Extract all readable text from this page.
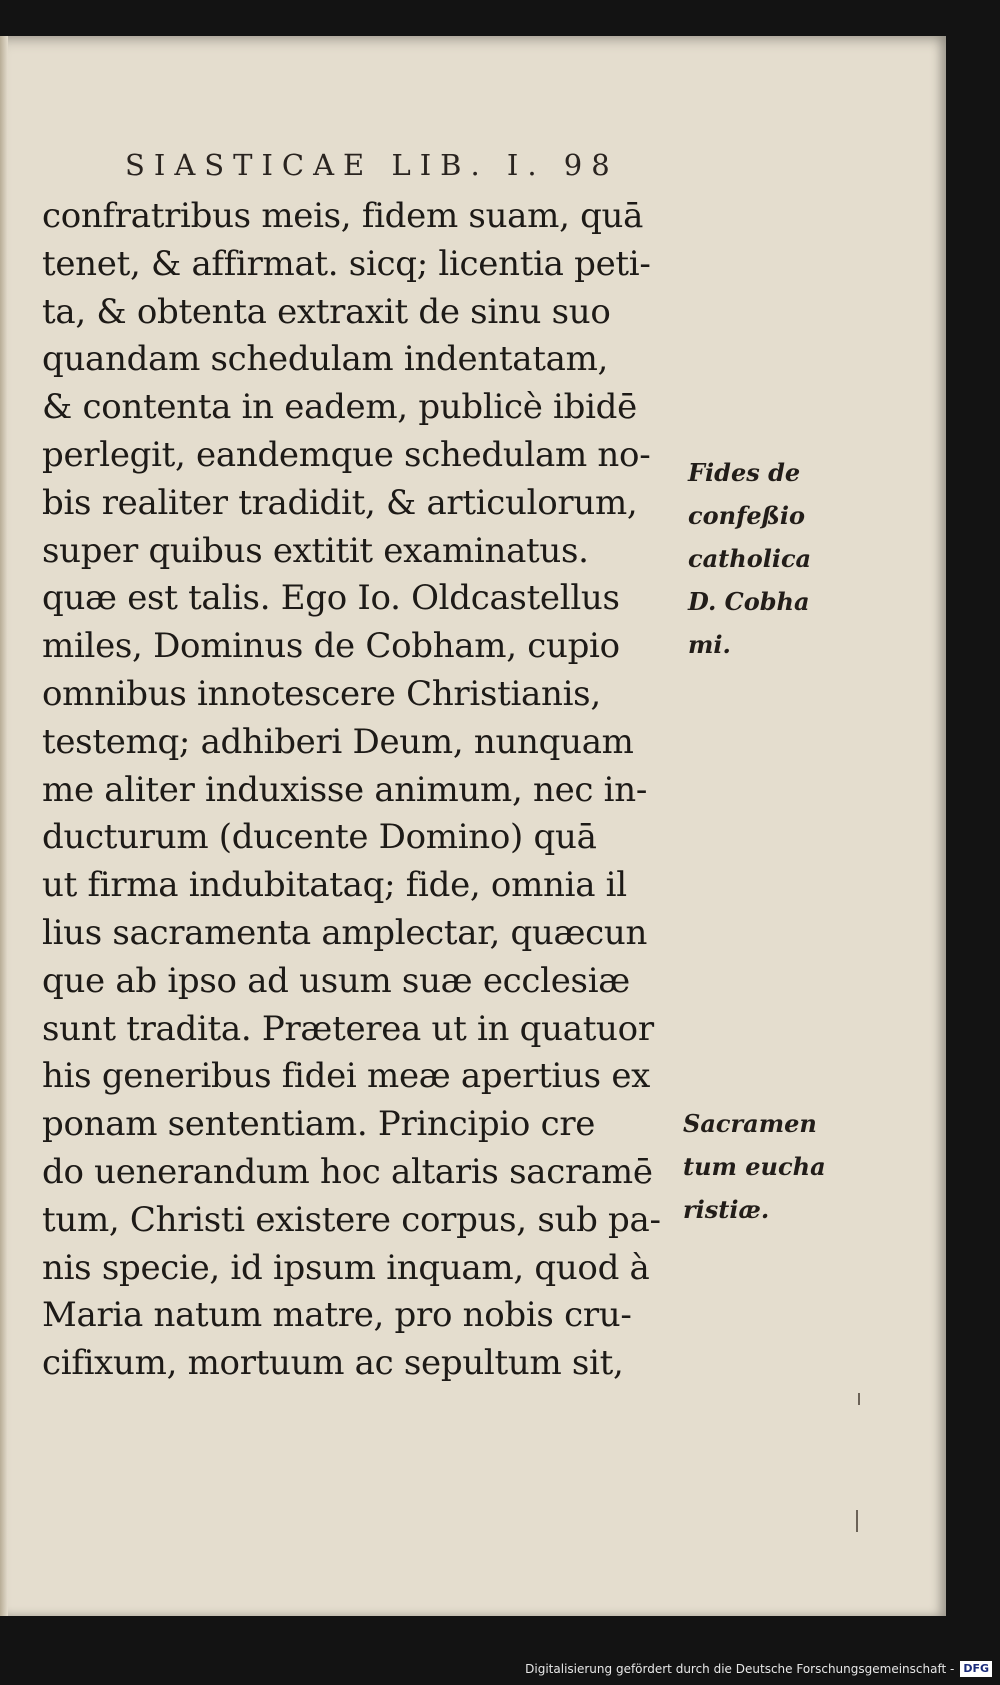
SIASTICAE LIB. I. 98
confratribus meis, fidem suam, quā
tenet, & affirmat. sicq; licentia peti-
ta, & obtenta extraxit de sinu suo
quandam schedulam indentatam,
& contenta in eadem, publicè ibidē
perlegit, eandemque schedulam no-
bis realiter tradidit, & articulorum,
super quibus extitit examinatus.
quæ est talis. Ego Io. Oldcastellus
miles, Dominus de Cobham, cupio
omnibus innotescere Christianis,
testemq; adhiberi Deum, nunquam
me aliter induxisse animum, nec in-
ducturum (ducente Domino) quā
ut firma indubitataq; fide, omnia il
lius sacramenta amplectar, quæcun
que ab ipso ad usum suæ ecclesiæ
sunt tradita. Præterea ut in quatuor
his generibus fidei meæ apertius ex
ponam sententiam. Principio cre
do uenerandum hoc altaris sacramē
tum, Christi existere corpus, sub pa-
nis specie, id ipsum inquam, quod à
Maria natum matre, pro nobis cru-
cifixum, mortuum ac sepultum sit,
Fides de
confeßio
catholica
D. Cobha
mi.
Sacramen
tum eucha
ristiæ.
Digitalisierung gefördert durch die Deutsche Forschungsgemeinschaft - DFG
